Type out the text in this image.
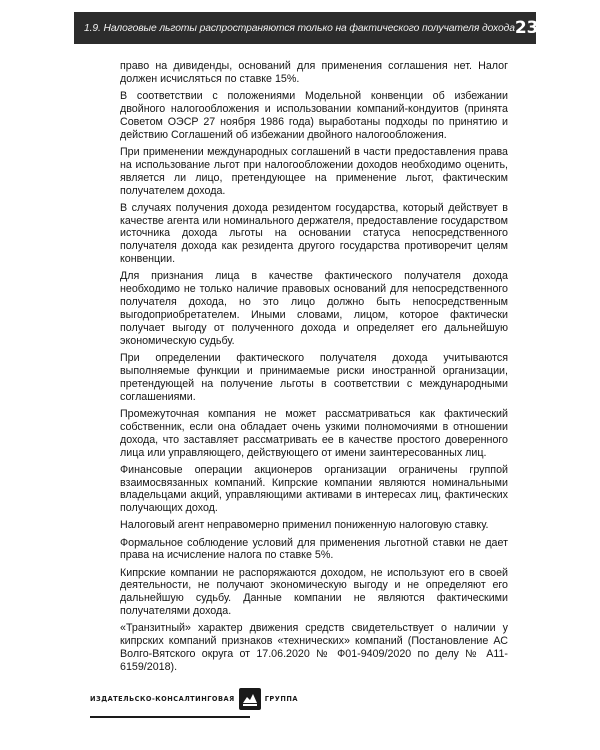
1.9. Налоговые льготы распространяются только на фактического получателя дохода 23

право на дивиденды, оснований для применения соглашения нет. Налог должен исчисляться по ставке 15%.

В соответствии с положениями Модельной конвенции об избежании двойного налогообложения и использовании компаний-кондуитов (принята Советом ОЭСР 27 ноября 1986 года) выработаны подходы по принятию и действию Соглашений об избежании двойного налогообложения.

При применении международных соглашений в части предоставления права на использование льгот при налогообложении доходов необходимо оценить, является ли лицо, претендующее на применение льгот, фактическим получателем дохода.

В случаях получения дохода резидентом государства, который действует в качестве агента или номинального держателя, предоставление государством источника дохода льготы на основании статуса непосредственного получателя дохода как резидента другого государства противоречит целям конвенции.

Для признания лица в качестве фактического получателя дохода необходимо не только наличие правовых оснований для непосредственного получателя дохода, но это лицо должно быть непосредственным выгодоприобретателем. Иными словами, лицом, которое фактически получает выгоду от полученного дохода и определяет его дальнейшую экономическую судьбу.

При определении фактического получателя дохода учитываются выполняемые функции и принимаемые риски иностранной организации, претендующей на получение льготы в соответствии с международными соглашениями.

Промежуточная компания не может рассматриваться как фактический собственник, если она обладает очень узкими полномочиями в отношении дохода, что заставляет рассматривать ее в качестве простого доверенного лица или управляющего, действующего от имени заинтересованных лиц.

Финансовые операции акционеров организации ограничены группой взаимосвязанных компаний. Кипрские компании являются номинальными владельцами акций, управляющими активами в интересах лиц, фактических получающих доход.

Налоговый агент неправомерно применил пониженную налоговую ставку.

Формальное соблюдение условий для применения льготной ставки не дает права на исчисление налога по ставке 5%.

Кипрские компании не распоряжаются доходом, не используют его в своей деятельности, не получают экономическую выгоду и не определяют его дальнейшую судьбу. Данные компании не являются фактическими получателями дохода.

«Транзитный» характер движения средств свидетельствует о наличии у кипрских компаний признаков «технических» компаний (Постановление АС Волго-Вятского округа от 17.06.2020 № Ф01-9409/2020 по делу № А11-6159/2018).

ИЗДАТЕЛЬСКО-КОНСАЛТИНГОВАЯ	ГРУППА
